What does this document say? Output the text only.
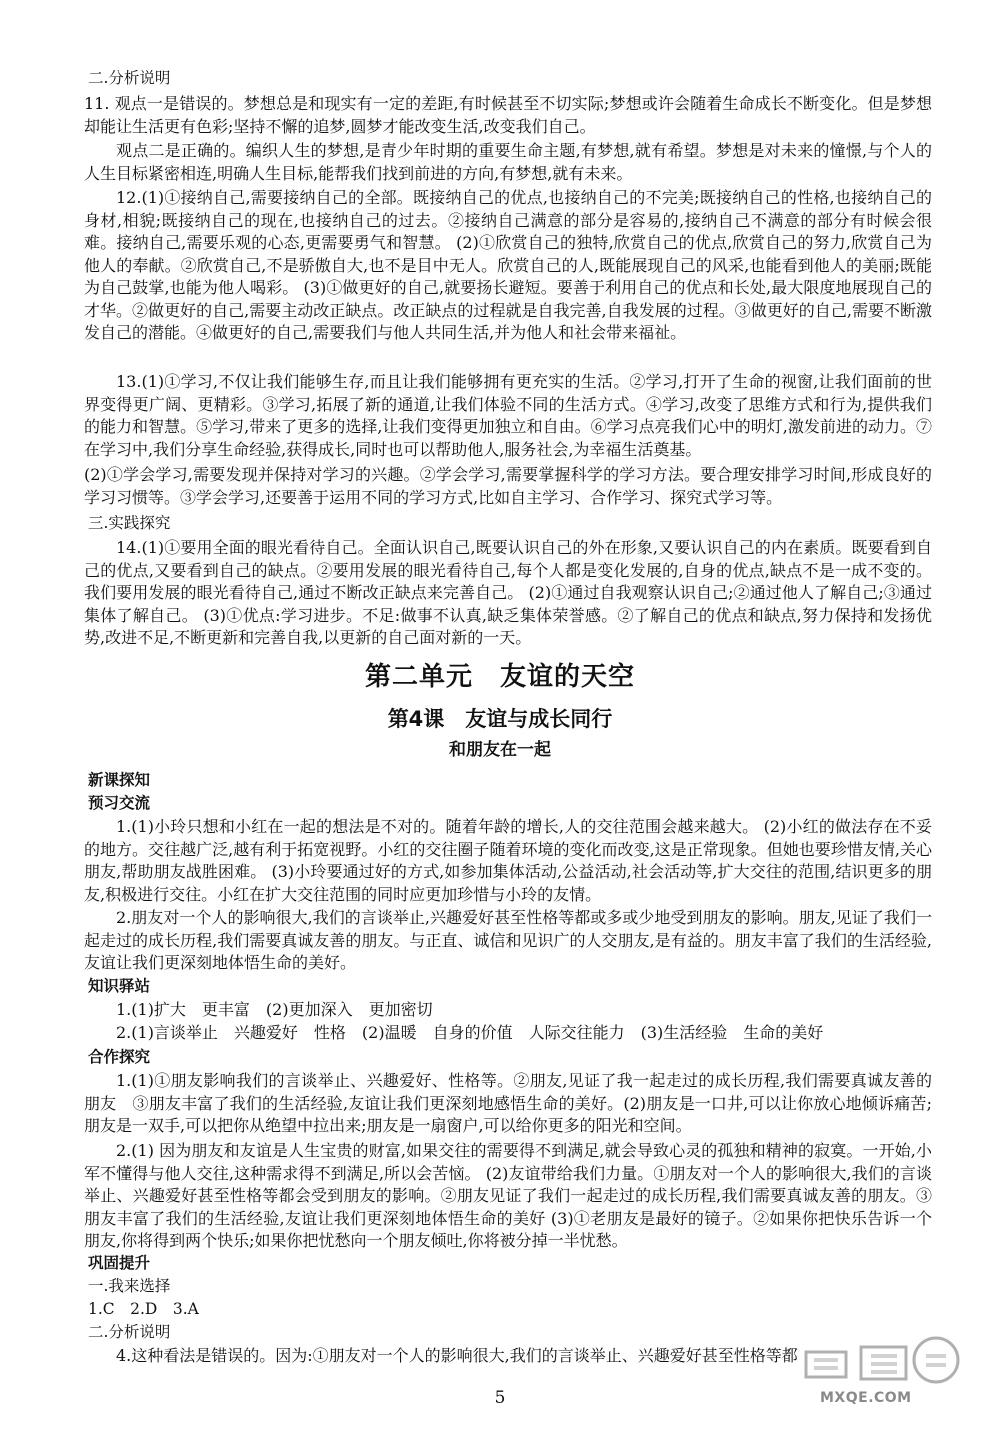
二.分析说明

11. 观点一是错误的。梦想总是和现实有一定的差距,有时候甚至不切实际;梦想或许会随着生命成长不断变化。但是梦想却能让生活更有色彩;坚持不懈的追梦,圆梦才能改变生活,改变我们自己。

观点二是正确的。编织人生的梦想,是青少年时期的重要生命主题,有梦想,就有希望。梦想是对未来的憧憬,与个人的人生目标紧密相连,明确人生目标,能帮我们找到前进的方向,有梦想,就有未来。

12.(1)①接纳自己,需要接纳自己的全部。既接纳自己的优点,也接纳自己的不完美;既接纳自己的性格,也接纳自己的身材,相貌;既接纳自己的现在,也接纳自己的过去。②接纳自己满意的部分是容易的,接纳自己不满意的部分有时候会很难。接纳自己,需要乐观的心态,更需要勇气和智慧。 (2)①欣赏自己的独特,欣赏自己的优点,欣赏自己的努力,欣赏自己为他人的奉献。②欣赏自己,不是骄傲自大,也不是目中无人。欣赏自己的人,既能展现自己的风采,也能看到他人的美丽;既能为自己鼓掌,也能为他人喝彩。 (3)①做更好的自己,就要扬长避短。要善于利用自己的优点和长处,最大限度地展现自己的才华。②做更好的自己,需要主动改正缺点。改正缺点的过程就是自我完善,自我发展的过程。③做更好的自己,需要不断激发自己的潜能。④做更好的自己,需要我们与他人共同生活,并为他人和社会带来福祉。

13.(1)①学习,不仅让我们能够生存,而且让我们能够拥有更充实的生活。②学习,打开了生命的视窗,让我们面前的世界变得更广阔、更精彩。③学习,拓展了新的通道,让我们体验不同的生活方式。④学习,改变了思维方式和行为,提供我们的能力和智慧。⑤学习,带来了更多的选择,让我们变得更加独立和自由。⑥学习点亮我们心中的明灯,激发前进的动力。⑦在学习中,我们分享生命经验,获得成长,同时也可以帮助他人,服务社会,为幸福生活奠基。

(2)①学会学习,需要发现并保持对学习的兴趣。②学会学习,需要掌握科学的学习方法。要合理安排学习时间,形成良好的学习习惯等。③学会学习,还要善于运用不同的学习方式,比如自主学习、合作学习、探究式学习等。

三.实践探究

14.(1)①要用全面的眼光看待自己。全面认识自己,既要认识自己的外在形象,又要认识自己的内在素质。既要看到自己的优点,又要看到自己的缺点。②要用发展的眼光看待自己,每个人都是变化发展的,自身的优点,缺点不是一成不变的。我们要用发展的眼光看待自己,通过不断改正缺点来完善自己。 (2)①通过自我观察认识自己;②通过他人了解自己;③通过集体了解自己。 (3)①优点:学习进步。不足:做事不认真,缺乏集体荣誉感。②了解自己的优点和缺点,努力保持和发扬优势,改进不足,不断更新和完善自我,以更新的自己面对新的一天。

第二单元　友谊的天空
第4课　友谊与成长同行
和朋友在一起
新课探知
预习交流

1.(1)小玲只想和小红在一起的想法是不对的。随着年龄的增长,人的交往范围会越来越大。 (2)小红的做法存在不妥的地方。交往越广泛,越有利于拓宽视野。小红的交往圈子随着环境的变化而改变,这是正常现象。但她也要珍惜友情,关心朋友,帮助朋友战胜困难。 (3)小玲要通过好的方式,如参加集体活动,公益活动,社会活动等,扩大交往的范围,结识更多的朋友,积极进行交往。小红在扩大交往范围的同时应更加珍惜与小玲的友情。

2.朋友对一个人的影响很大,我们的言谈举止,兴趣爱好甚至性格等都或多或少地受到朋友的影响。朋友,见证了我们一起走过的成长历程,我们需要真诚友善的朋友。与正直、诚信和见识广的人交朋友,是有益的。朋友丰富了我们的生活经验,友谊让我们更深刻地体悟生命的美好。

知识驿站

1.(1)扩大　更丰富　(2)更加深入　更加密切

2.(1)言谈举止　兴趣爱好　性格　(2)温暖　自身的价值　人际交往能力　(3)生活经验　生命的美好

合作探究

1.(1)①朋友影响我们的言谈举止、兴趣爱好、性格等。②朋友,见证了我一起走过的成长历程,我们需要真诚友善的朋友　③朋友丰富了我们的生活经验,友谊让我们更深刻地感悟生命的美好。(2)朋友是一口井,可以让你放心地倾诉痛苦;朋友是一双手,可以把你从绝望中拉出来;朋友是一扇窗户,可以给你更多的阳光和空间。

2.(1) 因为朋友和友谊是人生宝贵的财富,如果交往的需要得不到满足,就会导致心灵的孤独和精神的寂寞。一开始,小军不懂得与他人交往,这种需求得不到满足,所以会苦恼。 (2)友谊带给我们力量。①朋友对一个人的影响很大,我们的言谈举止、兴趣爱好甚至性格等都会受到朋友的影响。②朋友见证了我们一起走过的成长历程,我们需要真诚友善的朋友。③朋友丰富了我们的生活经验,友谊让我们更深刻地体悟生命的美好 (3)①老朋友是最好的镜子。②如果你把快乐告诉一个朋友,你将得到两个快乐;如果你把忧愁向一个朋友倾吐,你将被分掉一半忧愁。

巩固提升
一.我来选择
1.C　2.D　3.A
二.分析说明

4.这种看法是错误的。因为:①朋友对一个人的影响很大,我们的言谈举止、兴趣爱好甚至性格等都

5	MXQE.COM
